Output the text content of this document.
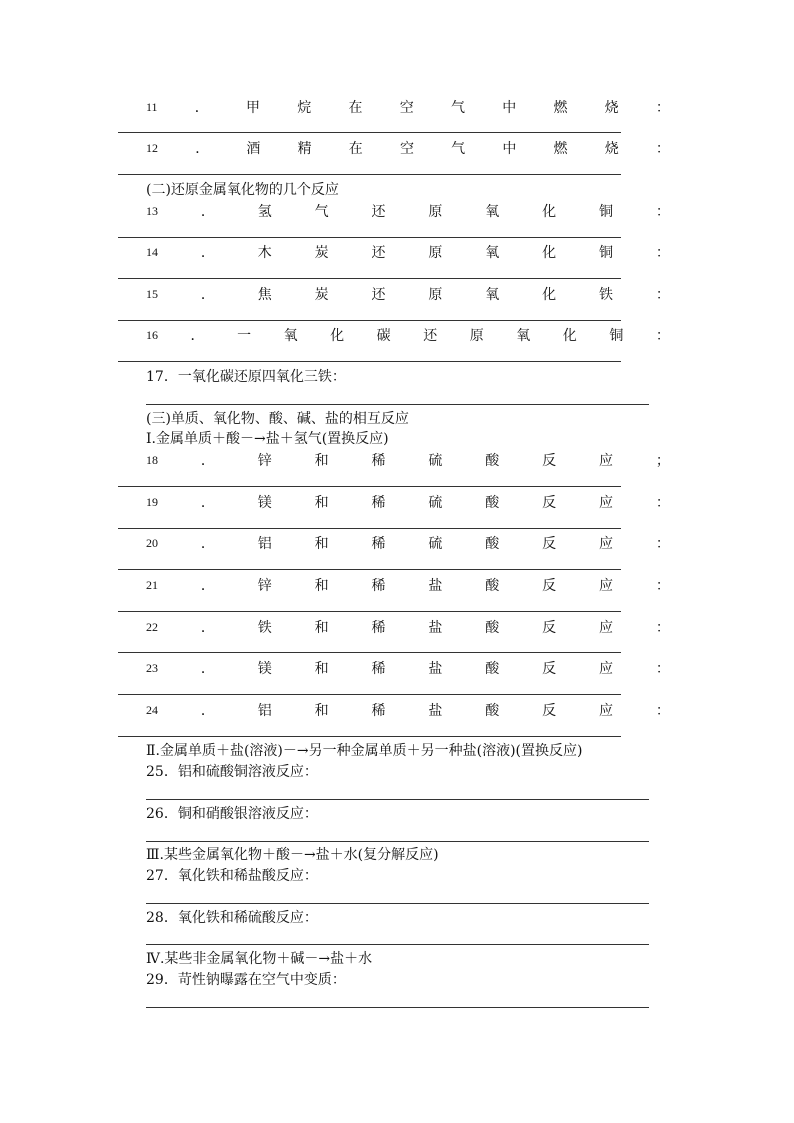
11	．	甲	烷	在	空	气	中	燃	烧	：
12	．	酒	精	在	空	气	中	燃	烧	：
(二)还原金属氧化物的几个反应
13	．	氢	气	还	原	氧	化	铜	：
14	．	木	炭	还	原	氧	化	铜	：
15	．	焦	炭	还	原	氧	化	铁	：
16 ． 一 氧 化 碳 还 原 氧 化 铜 ：
17．一氧化碳还原四氧化三铁：
(三)单质、氧化物、酸、碱、盐的相互反应
Ⅰ.金属单质＋酸－→盐＋氢气(置换反应)
18	．	锌	和	稀	硫	酸	反	应	；
19	．	镁	和	稀	硫	酸	反	应	：
20	．	铝	和	稀	硫	酸	反	应	：
21	．	锌	和	稀	盐	酸	反	应	：
22	．	铁	和	稀	盐	酸	反	应	：
23	．	镁	和	稀	盐	酸	反	应	：
24	．	铝	和	稀	盐	酸	反	应	：
Ⅱ.金属单质＋盐(溶液)－→另一种金属单质＋另一种盐(溶液)(置换反应)
25．铝和硫酸铜溶液反应：
26．铜和硝酸银溶液反应：
Ⅲ.某些金属氧化物＋酸－→盐＋水(复分解反应)
27．氧化铁和稀盐酸反应：
28．氧化铁和稀硫酸反应：
Ⅳ.某些非金属氧化物＋碱－→盐＋水
29．苛性钠曝露在空气中变质：
